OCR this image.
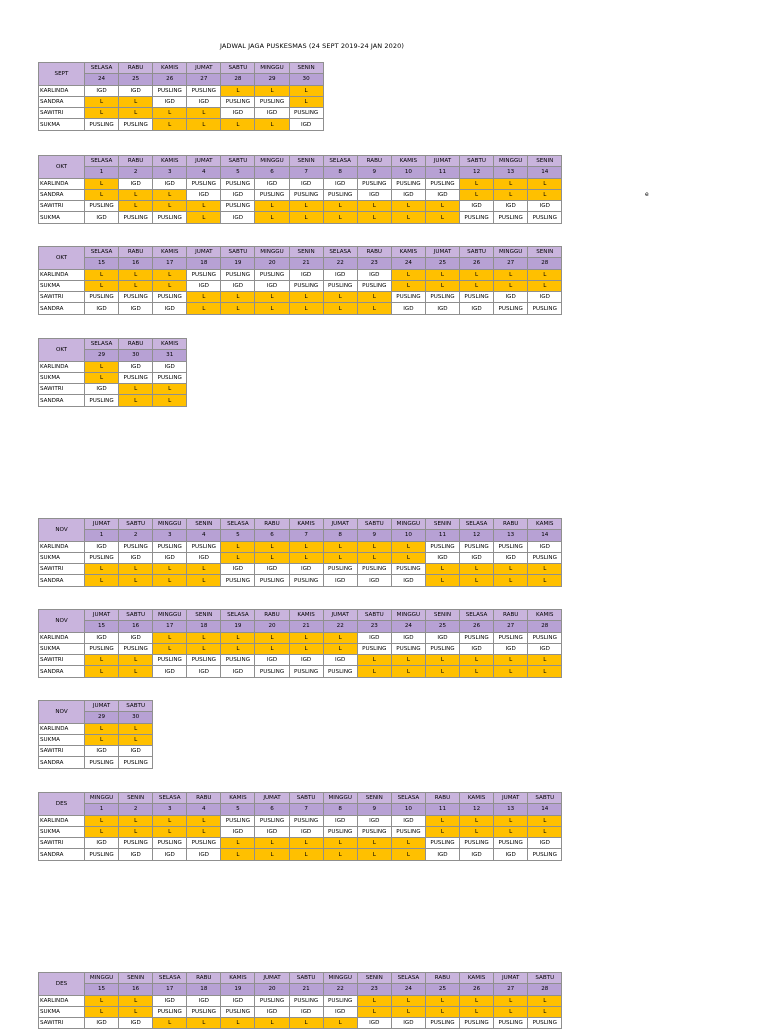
JADWAL JAGA PUSKESMAS (24 SEPT 2019-24 JAN 2020)
e
SEPT	SELASA	RABU	KAMIS	JUMAT	SABTU	MINGGU	SENIN
	24	25	26	27	28	29	30
KARLINDA	IGD	IGD	PUSLING	PUSLING	L	L	L
SANDRA	L	L	IGD	IGD	PUSLING	PUSLING	L
SAWITRI	L	L	L	L	IGD	IGD	PUSLING
SUKMA	PUSLING	PUSLING	L	L	L	L	IGD
OKT	SELASA	RABU	KAMIS	JUMAT	SABTU	MINGGU	SENIN	SELASA	RABU	KAMIS	JUMAT	SABTU	MINGGU	SENIN
	1	2	3	4	5	6	7	8	9	10	11	12	13	14
KARLINDA	L	IGD	IGD	PUSLING	PUSLING	IGD	IGD	IGD	PUSLING	PUSLING	PUSLING	L	L	L
SANDRA	L	L	L	IGD	IGD	PUSLING	PUSLING	PUSLING	IGD	IGD	IGD	L	L	L
SAWITRI	PUSLING	L	L	L	PUSLING	L	L	L	L	L	L	IGD	IGD	IGD
SUKMA	IGD	PUSLING	PUSLING	L	IGD	L	L	L	L	L	L	PUSLING	PUSLING	PUSLING
OKT	SELASA	RABU	KAMIS	JUMAT	SABTU	MINGGU	SENIN	SELASA	RABU	KAMIS	JUMAT	SABTU	MINGGU	SENIN
	15	16	17	18	19	20	21	22	23	24	25	26	27	28
KARLINDA	L	L	L	PUSLING	PUSLING	PUSLING	IGD	IGD	IGD	L	L	L	L	L
SUKMA	L	L	L	IGD	IGD	IGD	PUSLING	PUSLING	PUSLING	L	L	L	L	L
SAWITRI	PUSLING	PUSLING	PUSLING	L	L	L	L	L	L	PUSLING	PUSLING	PUSLING	IGD	IGD
SANDRA	IGD	IGD	IGD	L	L	L	L	L	L	IGD	IGD	IGD	PUSLING	PUSLING
OKT	SELASA	RABU	KAMIS
	29	30	31
KARLINDA	L	IGD	IGD
SUKMA	L	PUSLING	PUSLING
SAWITRI	IGD	L	L
SANDRA	PUSLING	L	L
NOV	JUMAT	SABTU	MINGGU	SENIN	SELASA	RABU	KAMIS	JUMAT	SABTU	MINGGU	SENIN	SELASA	RABU	KAMIS
	1	2	3	4	5	6	7	8	9	10	11	12	13	14
KARLINDA	IGD	PUSLING	PUSLING	PUSLING	L	L	L	L	L	L	PUSLING	PUSLING	PUSLING	IGD
SUKMA	PUSLING	IGD	IGD	IGD	L	L	L	L	L	L	IGD	IGD	IGD	PUSLING
SAWITRI	L	L	L	L	IGD	IGD	IGD	PUSLING	PUSLING	PUSLING	L	L	L	L
SANDRA	L	L	L	L	PUSLING	PUSLING	PUSLING	IGD	IGD	IGD	L	L	L	L
NOV	JUMAT	SABTU	MINGGU	SENIN	SELASA	RABU	KAMIS	JUMAT	SABTU	MINGGU	SENIN	SELASA	RABU	KAMIS
	15	16	17	18	19	20	21	22	23	24	25	26	27	28
KARLINDA	IGD	IGD	L	L	L	L	L	L	IGD	IGD	IGD	PUSLING	PUSLING	PUSLING
SUKMA	PUSLING	PUSLING	L	L	L	L	L	L	PUSLING	PUSLING	PUSLING	IGD	IGD	IGD
SAWITRI	L	L	PUSLING	PUSLING	PUSLING	IGD	IGD	IGD	L	L	L	L	L	L
SANDRA	L	L	IGD	IGD	IGD	PUSLING	PUSLING	PUSLING	L	L	L	L	L	L
NOV	JUMAT	SABTU
	29	30
KARLINDA	L	L
SUKMA	L	L
SAWITRI	IGD	IGD
SANDRA	PUSLING	PUSLING
DES	MINGGU	SENIN	SELASA	RABU	KAMIS	JUMAT	SABTU	MINGGU	SENIN	SELASA	RABU	KAMIS	JUMAT	SABTU
	1	2	3	4	5	6	7	8	9	10	11	12	13	14
KARLINDA	L	L	L	L	PUSLING	PUSLING	PUSLING	IGD	IGD	IGD	L	L	L	L
SUKMA	L	L	L	L	IGD	IGD	IGD	PUSLING	PUSLING	PUSLING	L	L	L	L
SAWITRI	IGD	PUSLING	PUSLING	PUSLING	L	L	L	L	L	L	PUSLING	PUSLING	PUSLING	IGD
SANDRA	PUSLING	IGD	IGD	IGD	L	L	L	L	L	L	IGD	IGD	IGD	PUSLING
DES	MINGGU	SENIN	SELASA	RABU	KAMIS	JUMAT	SABTU	MINGGU	SENIN	SELASA	RABU	KAMIS	JUMAT	SABTU
	15	16	17	18	19	20	21	22	23	24	25	26	27	28
KARLINDA	L	L	IGD	IGD	IGD	PUSLING	PUSLING	PUSLING	L	L	L	L	L	L
SUKMA	L	L	PUSLING	PUSLING	PUSLING	IGD	IGD	IGD	L	L	L	L	L	L
SAWITRI	IGD	IGD	L	L	L	L	L	L	IGD	IGD	PUSLING	PUSLING	PUSLING	PUSLING
